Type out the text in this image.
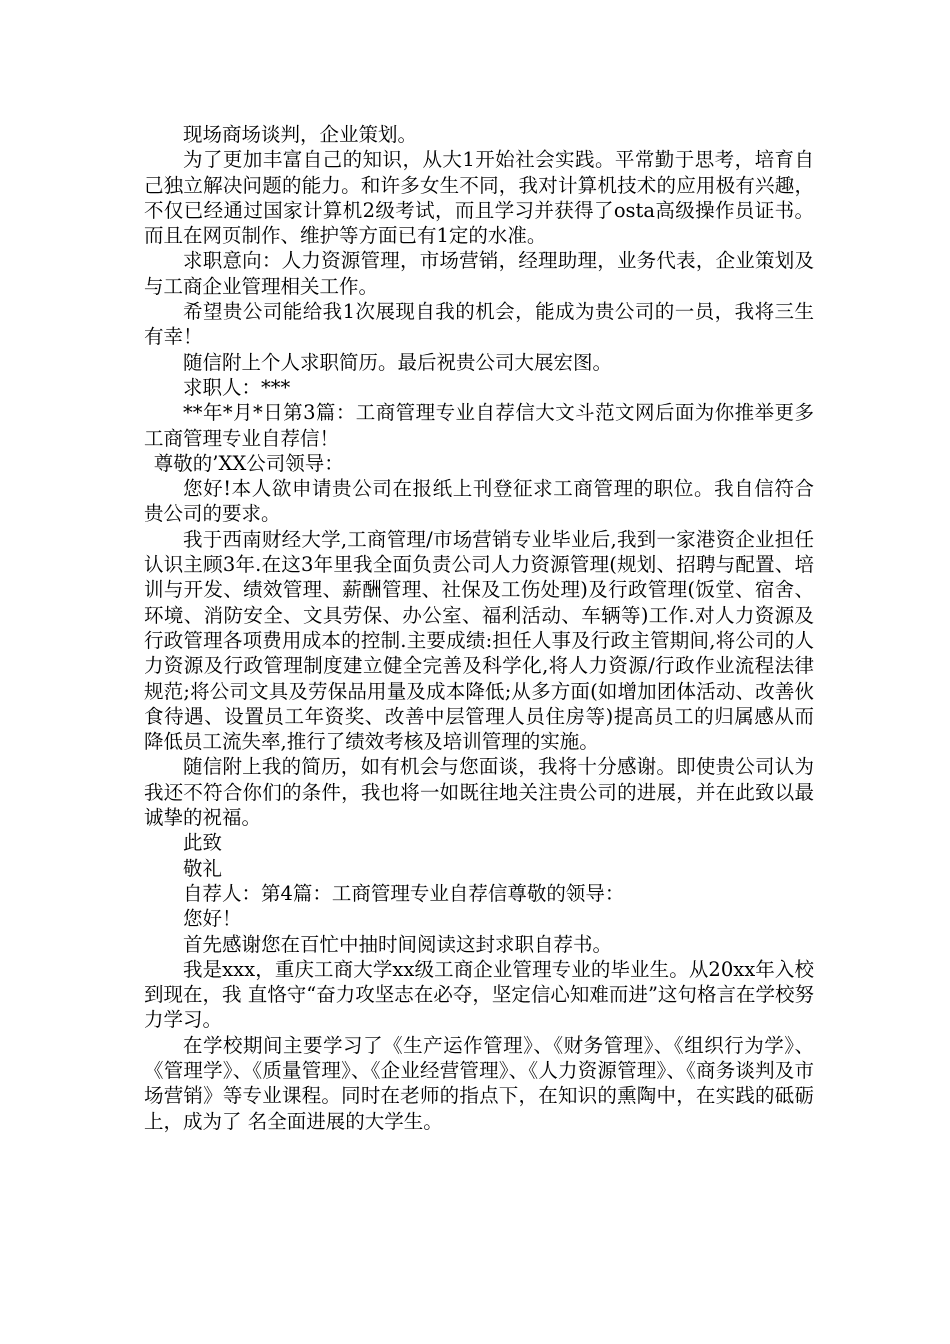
现场商场谈判，企业策划。

为了更加丰富自己的知识，从大1开始社会实践。平常勤于思考，培育自己独立解决问题的能力。和许多女生不同，我对计算机技术的应用极有兴趣，不仅已经通过国家计算机2级考试，而且学习并获得了osta高级操作员证书。而且在网页制作、维护等方面已有1定的水准。

求职意向：人力资源管理，市场营销，经理助理，业务代表，企业策划及与工商企业管理相关工作。

希望贵公司能给我1次展现自我的机会，能成为贵公司的一员，我将三生有幸！

随信附上个人求职简历。最后祝贵公司大展宏图。

求职人：***

**年*月*日第3篇：工商管理专业自荐信大文斗范文网后面为你推举更多工商管理专业自荐信！

尊敬的’XX公司领导：

您好!本人欲申请贵公司在报纸上刊登征求工商管理的职位。我自信符合贵公司的要求。

我于西南财经大学,工商管理/市场营销专业毕业后,我到一家港资企业担任认识主顾3年.在这3年里我全面负责公司人力资源管理(规划、招聘与配置、培训与开发、绩效管理、薪酬管理、社保及工伤处理)及行政管理(饭堂、宿舍、环境、消防安全、文具劳保、办公室、福利活动、车辆等)工作.对人力资源及行政管理各项费用成本的控制.主要成绩:担任人事及行政主管期间,将公司的人力资源及行政管理制度建立健全完善及科学化,将人力资源/行政作业流程法律规范;将公司文具及劳保品用量及成本降低;从多方面(如增加团体活动、改善伙食待遇、设置员工年资奖、改善中层管理人员住房等)提高员工的归属感从而降低员工流失率,推行了绩效考核及培训管理的实施。

随信附上我的简历，如有机会与您面谈，我将十分感谢。即使贵公司认为我还不符合你们的条件，我也将一如既往地关注贵公司的进展，并在此致以最诚挚的祝福。

此致

敬礼

自荐人：第4篇：工商管理专业自荐信尊敬的领导：

您好！

首先感谢您在百忙中抽时间阅读这封求职自荐书。

我是xxx，重庆工商大学xx级工商企业管理专业的毕业生。从20xx年入校到现在，我 直恪守“奋力攻坚志在必夺，坚定信心知难而进”这句格言在学校努力学习。

在学校期间主要学习了《生产运作管理》、《财务管理》、《组织行为学》、《管理学》、《质量管理》、《企业经营管理》、《人力资源管理》、《商务谈判及市场营销》等专业课程。同时在老师的指点下，在知识的熏陶中，在实践的砥砺上，成为了 名全面进展的大学生。
